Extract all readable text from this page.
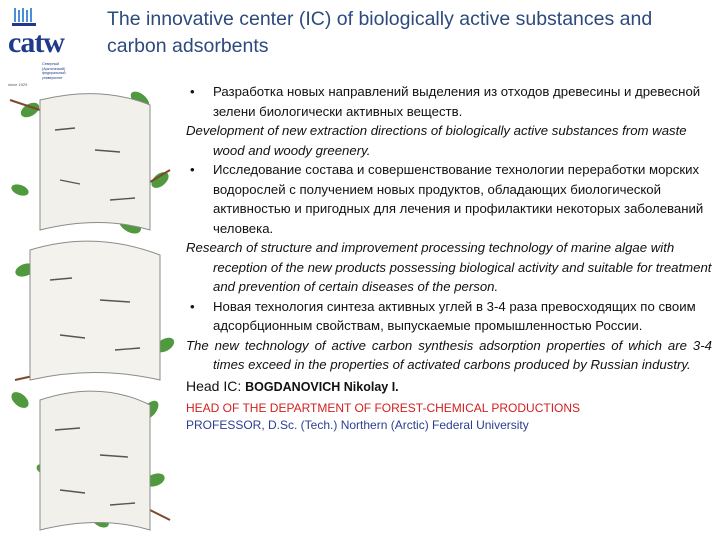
catw
Северный (Арктический) федеральный университет
since 1929
The innovative center (IC) of biologically active substances and carbon adsorbents
• Разработка новых направлений выделения из отходов древесины и древесной зелени биологически активных веществ.
Development of new extraction directions of biologically active substances from waste wood and woody greenery.
• Исследование состава и совершенствование технологии переработки морских водорослей с получением новых продуктов, обладающих биологической активностью и пригодных для лечения и профилактики некоторых заболеваний человека.
Research of structure and improvement processing technology of marine algae with reception of the new products possessing biological activity and suitable for treatment and prevention of certain diseases of the person.
• Новая технология синтеза активных углей в 3-4 раза превосходящих по своим адсорбционным свойствам, выпускаемые промышленностью России.
The new technology of active carbon synthesis adsorption properties of which are 3-4 times exceed in the properties of activated carbons produced by Russian industry.
Head IC: BOGDANOVICH Nikolay I.
HEAD OF THE DEPARTMENT OF FOREST-CHEMICAL PRODUCTIONS
PROFESSOR, D.Sc. (Tech.) Northern (Arctic) Federal University
